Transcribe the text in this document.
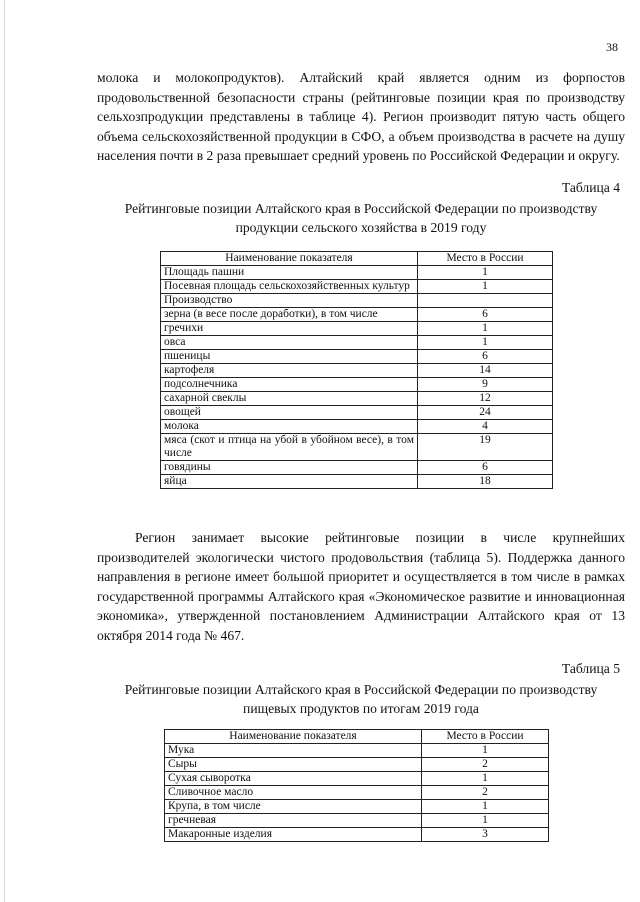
38

молока и молокопродуктов). Алтайский край является одним из форпостов продовольственной безопасности страны (рейтинговые позиции края по производству сельхозпродукции представлены в таблице 4). Регион производит пятую часть общего объема сельскохозяйственной продукции в СФО, а объем производства в расчете на душу населения почти в 2 раза превышает средний уровень по Российской Федерации и округу.

Таблица 4
Рейтинговые позиции Алтайского края в Российской Федерации по производству продукции сельского хозяйства в 2019 году
Наименование показателя	Место в России
Площадь пашни	1
Посевная площадь сельскохозяйственных культур	1
Производство	
зерна (в весе после доработки), в том числе	6
гречихи	1
овса	1
пшеницы	6
картофеля	14
подсолнечника	9
сахарной свеклы	12
овощей	24
молока	4
мяса (скот и птица на убой в убойном весе), в том числе	19
говядины	6
яйца	18

Регион занимает высокие рейтинговые позиции в числе крупнейших производителей экологически чистого продовольствия (таблица 5). Поддержка данного направления в регионе имеет большой приоритет и осуществляется в том числе в рамках государственной программы Алтайского края «Экономическое развитие и инновационная экономика», утвержденной постановлением Администрации Алтайского края от 13 октября 2014 года № 467.

Таблица 5
Рейтинговые позиции Алтайского края в Российской Федерации по производству пищевых продуктов по итогам 2019 года
Наименование показателя	Место в России
Мука	1
Сыры	2
Сухая сыворотка	1
Сливочное масло	2
Крупа, в том числе	1
гречневая	1
Макаронные изделия	3
